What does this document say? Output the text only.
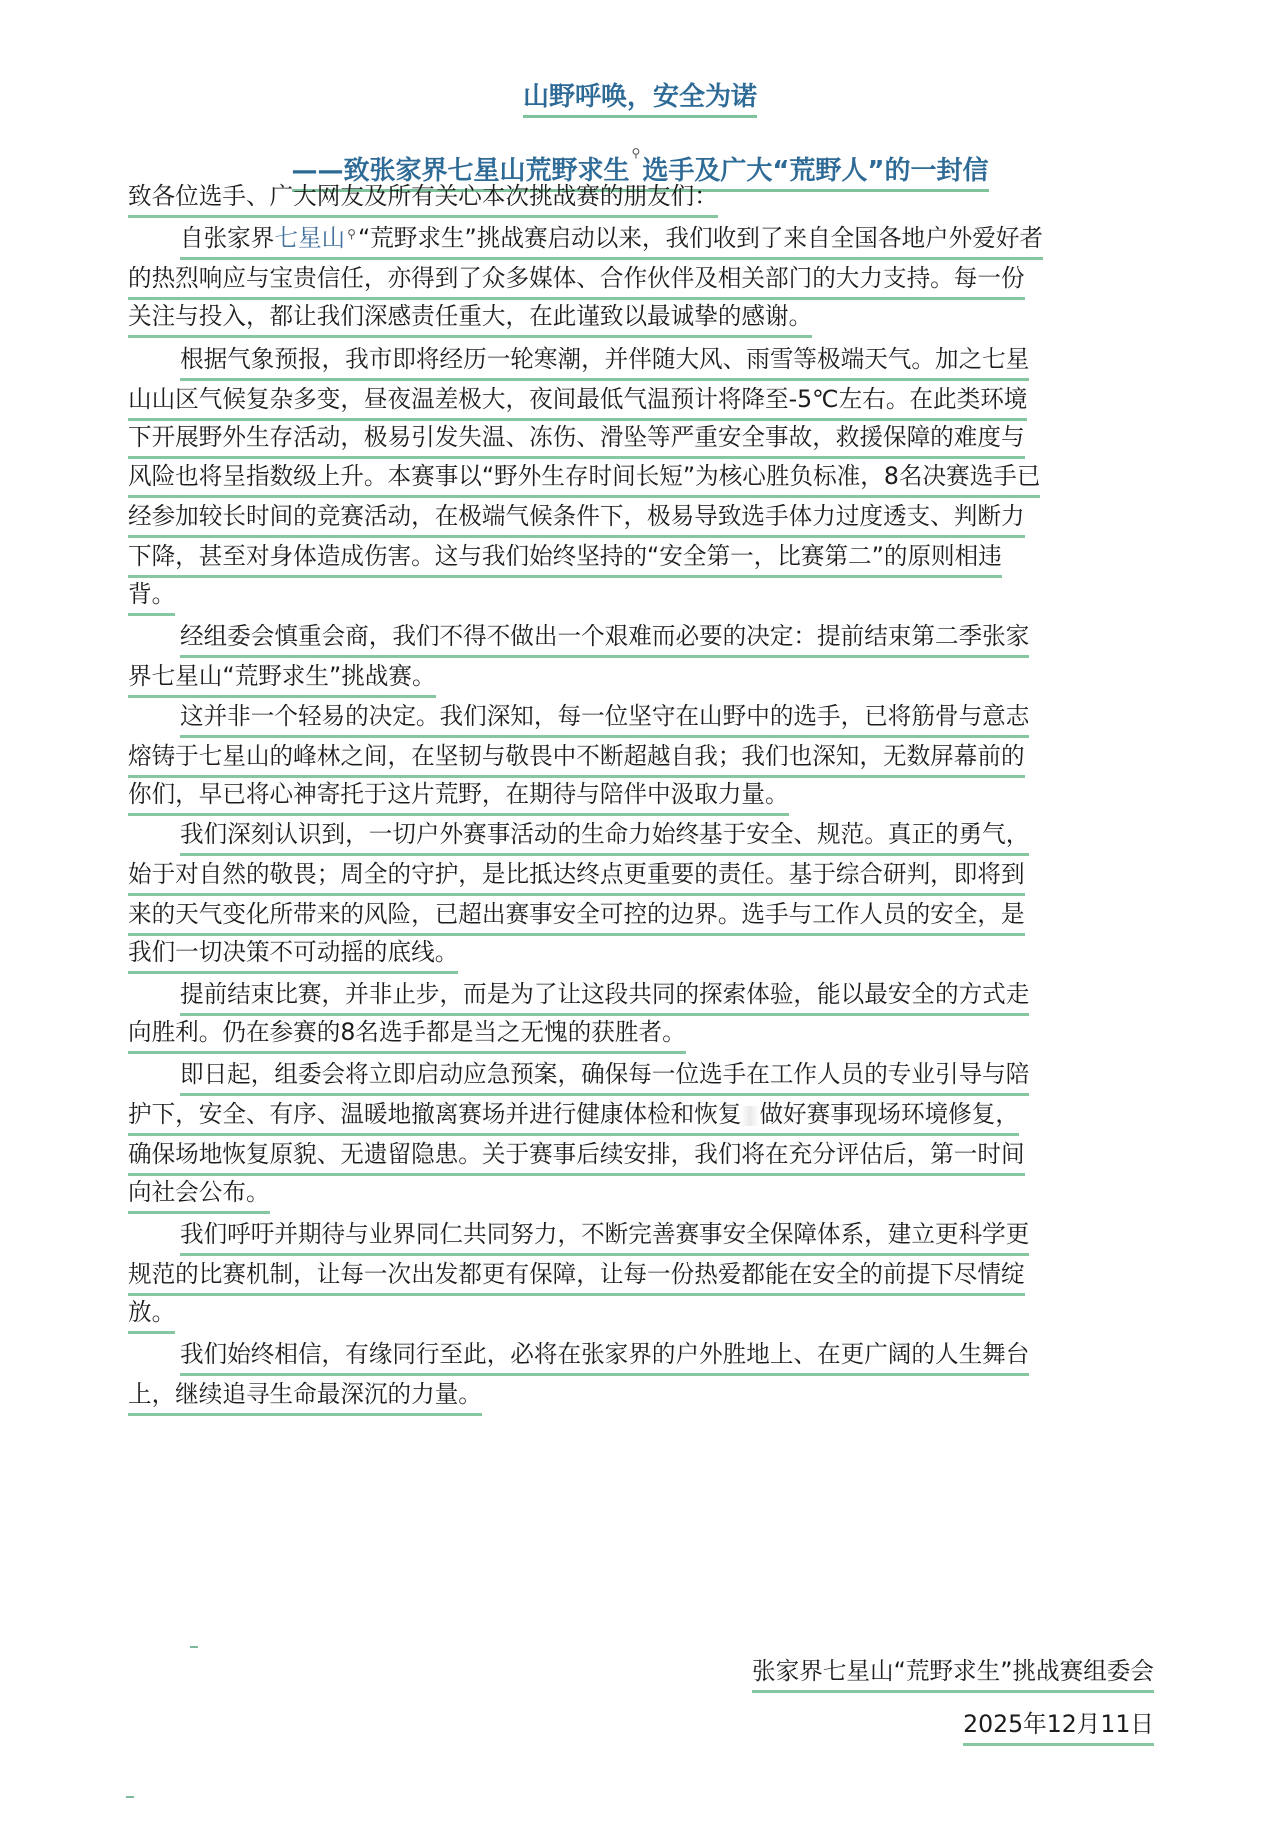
山野呼唤，安全为诺
——致张家界七星山荒野求生⚲选手及广大“荒野人”的一封信
致各位选手、广大网友及所有关心本次挑战赛的朋友们：
自张家界七星山 ⚲“荒野求生”挑战赛启动以来，我们收到了来自全国各地户外爱好者
的热烈响应与宝贵信任，亦得到了众多媒体、合作伙伴及相关部门的大力支持。每一份
关注与投入，都让我们深感责任重大，在此谨致以最诚挚的感谢。
根据气象预报，我市即将经历一轮寒潮，并伴随大风、雨雪等极端天气。加之七星
山山区气候复杂多变，昼夜温差极大，夜间最低气温预计将降至-5℃左右。在此类环境
下开展野外生存活动，极易引发失温、冻伤、滑坠等严重安全事故，救援保障的难度与
风险也将呈指数级上升。本赛事以“野外生存时间长短”为核心胜负标准，8名决赛选手已
经参加较长时间的竞赛活动，在极端气候条件下，极易导致选手体力过度透支、判断力
下降，甚至对身体造成伤害。这与我们始终坚持的“安全第一，比赛第二”的原则相违
背。
经组委会慎重会商，我们不得不做出一个艰难而必要的决定：提前结束第二季张家
界七星山“荒野求生”挑战赛。
这并非一个轻易的决定。我们深知，每一位坚守在山野中的选手，已将筋骨与意志
熔铸于七星山的峰林之间，在坚韧与敬畏中不断超越自我；我们也深知，无数屏幕前的
你们，早已将心神寄托于这片荒野，在期待与陪伴中汲取力量。
我们深刻认识到，一切户外赛事活动的生命力始终基于安全、规范。真正的勇气，
始于对自然的敬畏；周全的守护，是比抵达终点更重要的责任。基于综合研判，即将到
来的天气变化所带来的风险，已超出赛事安全可控的边界。选手与工作人员的安全，是
我们一切决策不可动摇的底线。
提前结束比赛，并非止步，而是为了让这段共同的探索体验，能以最安全的方式走
向胜利。仍在参赛的8名选手都是当之无愧的获胜者。
即日起，组委会将立即启动应急预案，确保每一位选手在工作人员的专业引导与陪
护下，安全、有序、温暖地撤离赛场并进行健康体检和恢复 做好赛事现场环境修复，
确保场地恢复原貌、无遗留隐患。关于赛事后续安排，我们将在充分评估后，第一时间
向社会公布。
我们呼吁并期待与业界同仁共同努力，不断完善赛事安全保障体系，建立更科学更
规范的比赛机制，让每一次出发都更有保障，让每一份热爱都能在安全的前提下尽情绽
放。
我们始终相信，有缘同行至此，必将在张家界的户外胜地上、在更广阔的人生舞台
上，继续追寻生命最深沉的力量。
张家界七星山“荒野求生”挑战赛组委会
2025年12月11日
